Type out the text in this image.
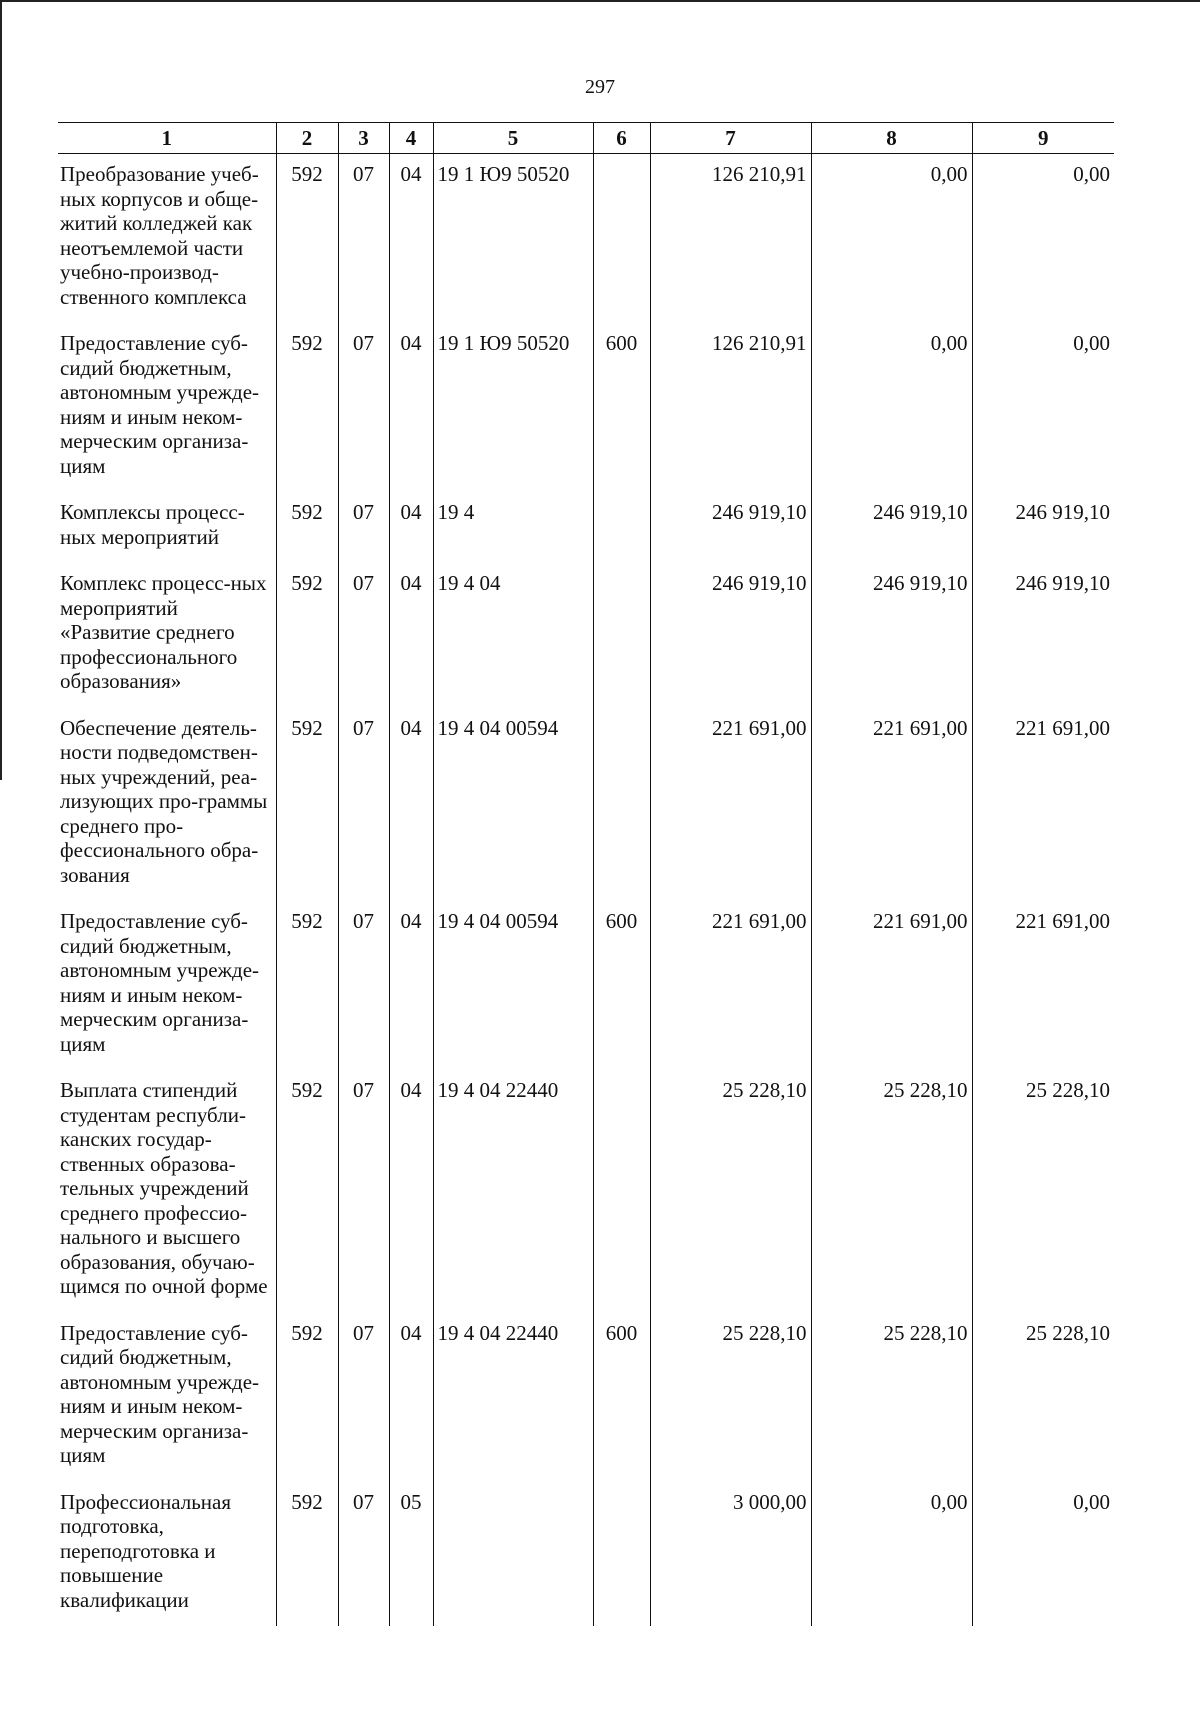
297
1	2	3	4	5	6	7	8	9
Преобразование учеб-ных корпусов и обще-житий колледжей как неотъемлемой части учебно-производ-ственного комплекса	592	07	04	19 1 Ю9 50520		126 210,91	0,00	0,00
Предоставление суб-сидий бюджетным, автономным учрежде-ниям и иным неком-мерческим организа-циям	592	07	04	19 1 Ю9 50520	600	126 210,91	0,00	0,00
Комплексы процесс-ных мероприятий	592	07	04	19 4		246 919,10	246 919,10	246 919,10
Комплекс процесс-ных мероприятий «Развитие среднего профессионального образования»	592	07	04	19 4 04		246 919,10	246 919,10	246 919,10
Обеспечение деятель-ности подведомствен-ных учреждений, реа-лизующих про-граммы среднего про-фессионального обра-зования	592	07	04	19 4 04 00594		221 691,00	221 691,00	221 691,00
Предоставление суб-сидий бюджетным, автономным учрежде-ниям и иным неком-мерческим организа-циям	592	07	04	19 4 04 00594	600	221 691,00	221 691,00	221 691,00
Выплата стипендий студентам республи-канских государ-ственных образова-тельных учреждений среднего профессио-нального и высшего образования, обучаю-щимся по очной форме	592	07	04	19 4 04 22440		25 228,10	25 228,10	25 228,10
Предоставление суб-сидий бюджетным, автономным учрежде-ниям и иным неком-мерческим организа-циям	592	07	04	19 4 04 22440	600	25 228,10	25 228,10	25 228,10
Профессиональная подготовка, переподготовка и повышение квалификации	592	07	05			3 000,00	0,00	0,00
